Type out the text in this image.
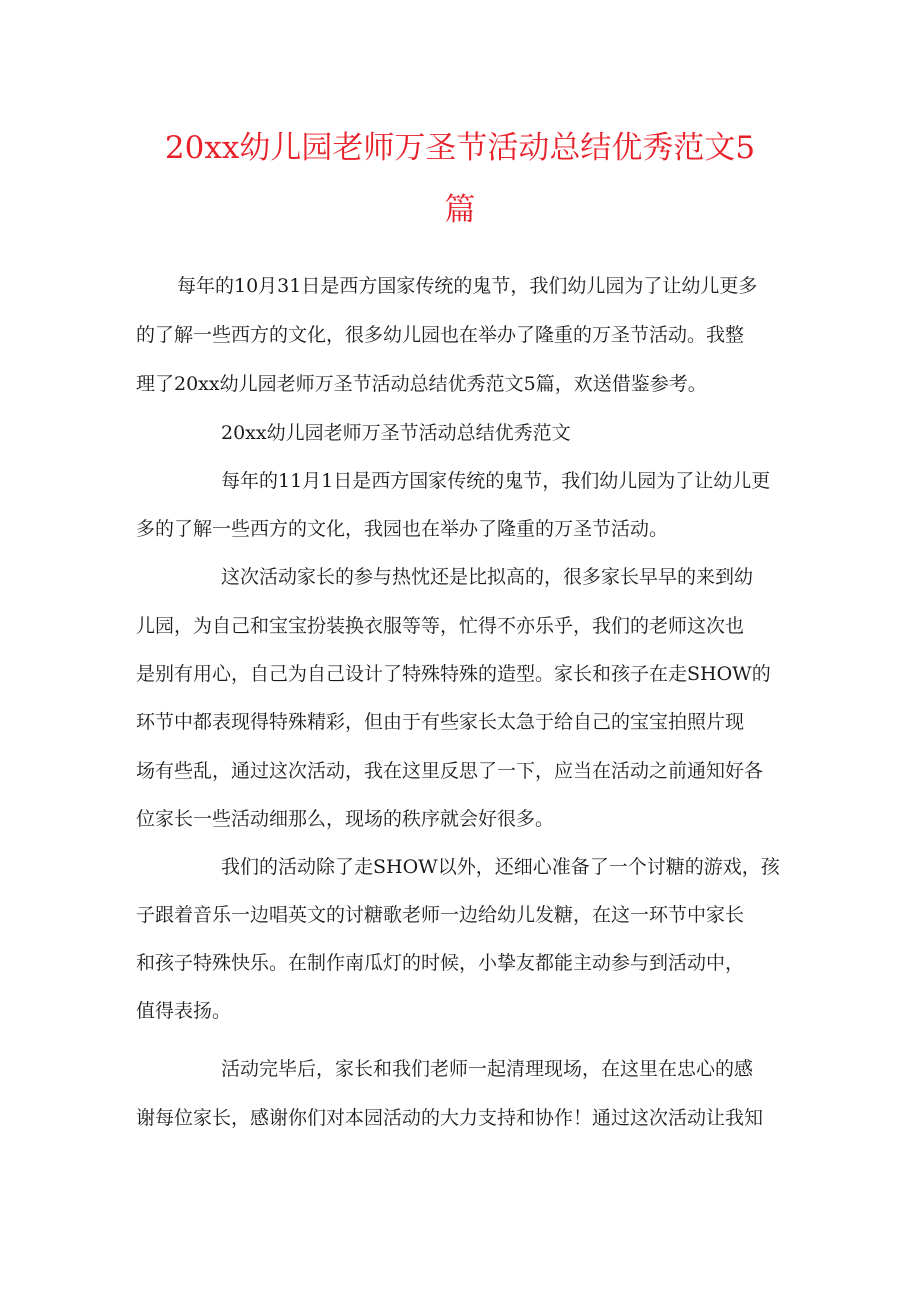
20xx幼儿园老师万圣节活动总结优秀范文5
篇

每年的10月31日是西方国家传统的鬼节，我们幼儿园为了让幼儿更多

的了解一些西方的文化，很多幼儿园也在举办了隆重的万圣节活动。我整

理了20xx幼儿园老师万圣节活动总结优秀范文5篇，欢送借鉴参考。

20xx幼儿园老师万圣节活动总结优秀范文

每年的11月1日是西方国家传统的鬼节，我们幼儿园为了让幼儿更

多的了解一些西方的文化，我园也在举办了隆重的万圣节活动。

这次活动家长的参与热忱还是比拟高的，很多家长早早的来到幼

儿园，为自己和宝宝扮装换衣服等等，忙得不亦乐乎，我们的老师这次也

是别有用心，自己为自己设计了特殊特殊的造型。家长和孩子在走SHOW的

环节中都表现得特殊精彩，但由于有些家长太急于给自己的宝宝拍照片现

场有些乱，通过这次活动，我在这里反思了一下，应当在活动之前通知好各

位家长一些活动细那么，现场的秩序就会好很多。

我们的活动除了走SHOW以外，还细心准备了一个讨糖的游戏，孩

子跟着音乐一边唱英文的讨糖歌老师一边给幼儿发糖，在这一环节中家长

和孩子特殊快乐。在制作南瓜灯的时候，小挚友都能主动参与到活动中，

值得表扬。

活动完毕后，家长和我们老师一起清理现场，在这里在忠心的感

谢每位家长，感谢你们对本园活动的大力支持和协作！通过这次活动让我知
